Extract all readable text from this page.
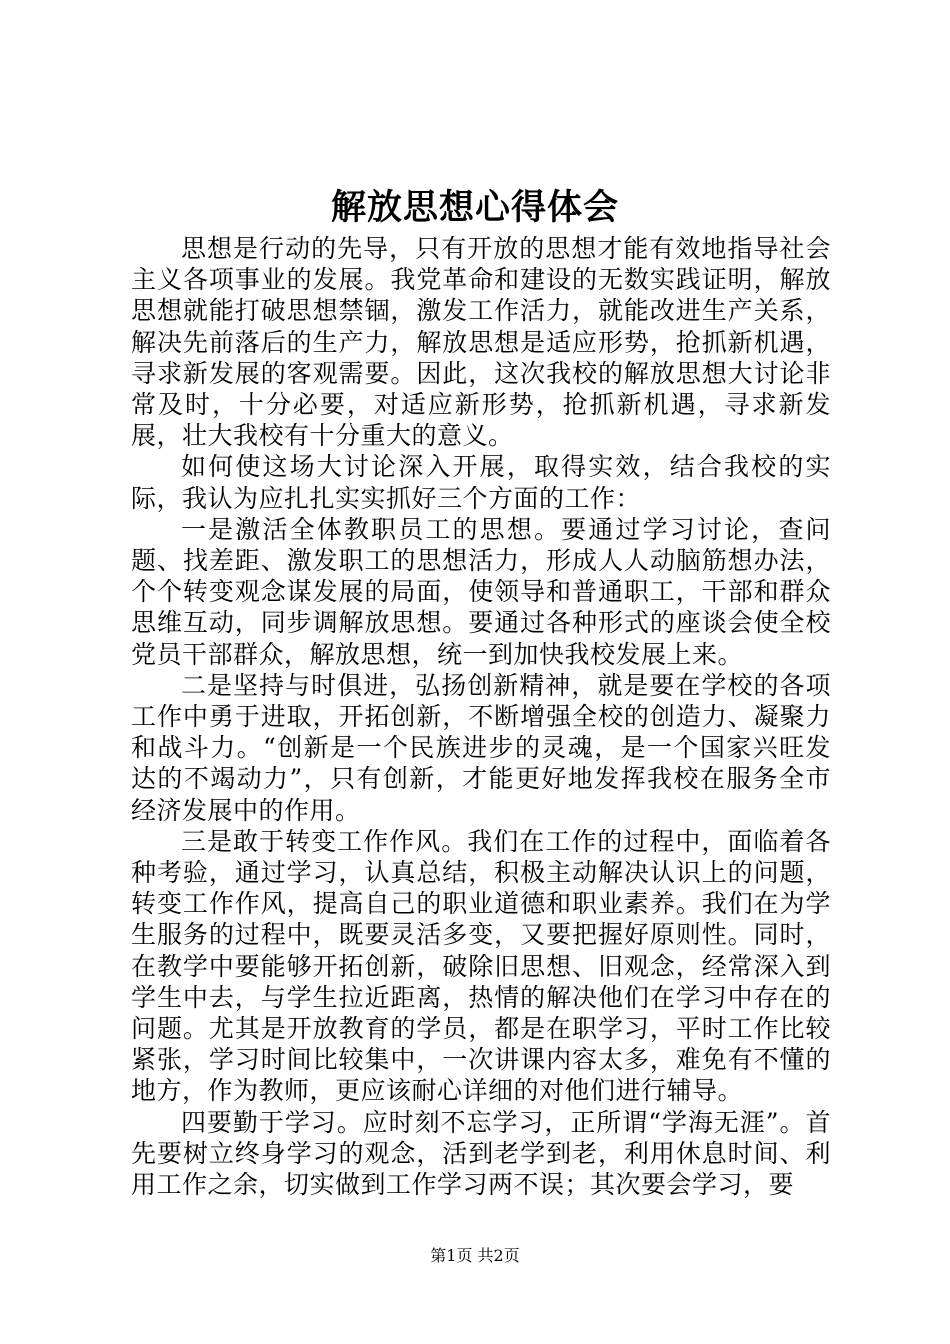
解放思想心得体会

思想是行动的先导，只有开放的思想才能有效地指导社会主义各项事业的发展。我党革命和建设的无数实践证明，解放思想就能打破思想禁锢，激发工作活力，就能改进生产关系，解决先前落后的生产力，解放思想是适应形势，抢抓新机遇，寻求新发展的客观需要。因此，这次我校的解放思想大讨论非常及时，十分必要，对适应新形势，抢抓新机遇，寻求新发展，壮大我校有十分重大的意义。

如何使这场大讨论深入开展，取得实效，结合我校的实际，我认为应扎扎实实抓好三个方面的工作：

一是激活全体教职员工的思想。要通过学习讨论，查问题、找差距、激发职工的思想活力，形成人人动脑筋想办法，个个转变观念谋发展的局面，使领导和普通职工，干部和群众思维互动，同步调解放思想。要通过各种形式的座谈会使全校党员干部群众，解放思想，统一到加快我校发展上来。

二是坚持与时俱进，弘扬创新精神，就是要在学校的各项工作中勇于进取，开拓创新，不断增强全校的创造力、凝聚力和战斗力。“创新是一个民族进步的灵魂，是一个国家兴旺发达的不竭动力”，只有创新，才能更好地发挥我校在服务全市经济发展中的作用。

三是敢于转变工作作风。我们在工作的过程中，面临着各种考验，通过学习，认真总结，积极主动解决认识上的问题，转变工作作风，提高自己的职业道德和职业素养。我们在为学生服务的过程中，既要灵活多变，又要把握好原则性。同时，在教学中要能够开拓创新，破除旧思想、旧观念，经常深入到学生中去，与学生拉近距离，热情的解决他们在学习中存在的问题。尤其是开放教育的学员，都是在职学习，平时工作比较紧张，学习时间比较集中，一次讲课内容太多，难免有不懂的地方，作为教师，更应该耐心详细的对他们进行辅导。

四要勤于学习。应时刻不忘学习，正所谓“学海无涯”。首先要树立终身学习的观念，活到老学到老，利用休息时间、利用工作之余，切实做到工作学习两不误；其次要会学习，要

第1页 共2页
